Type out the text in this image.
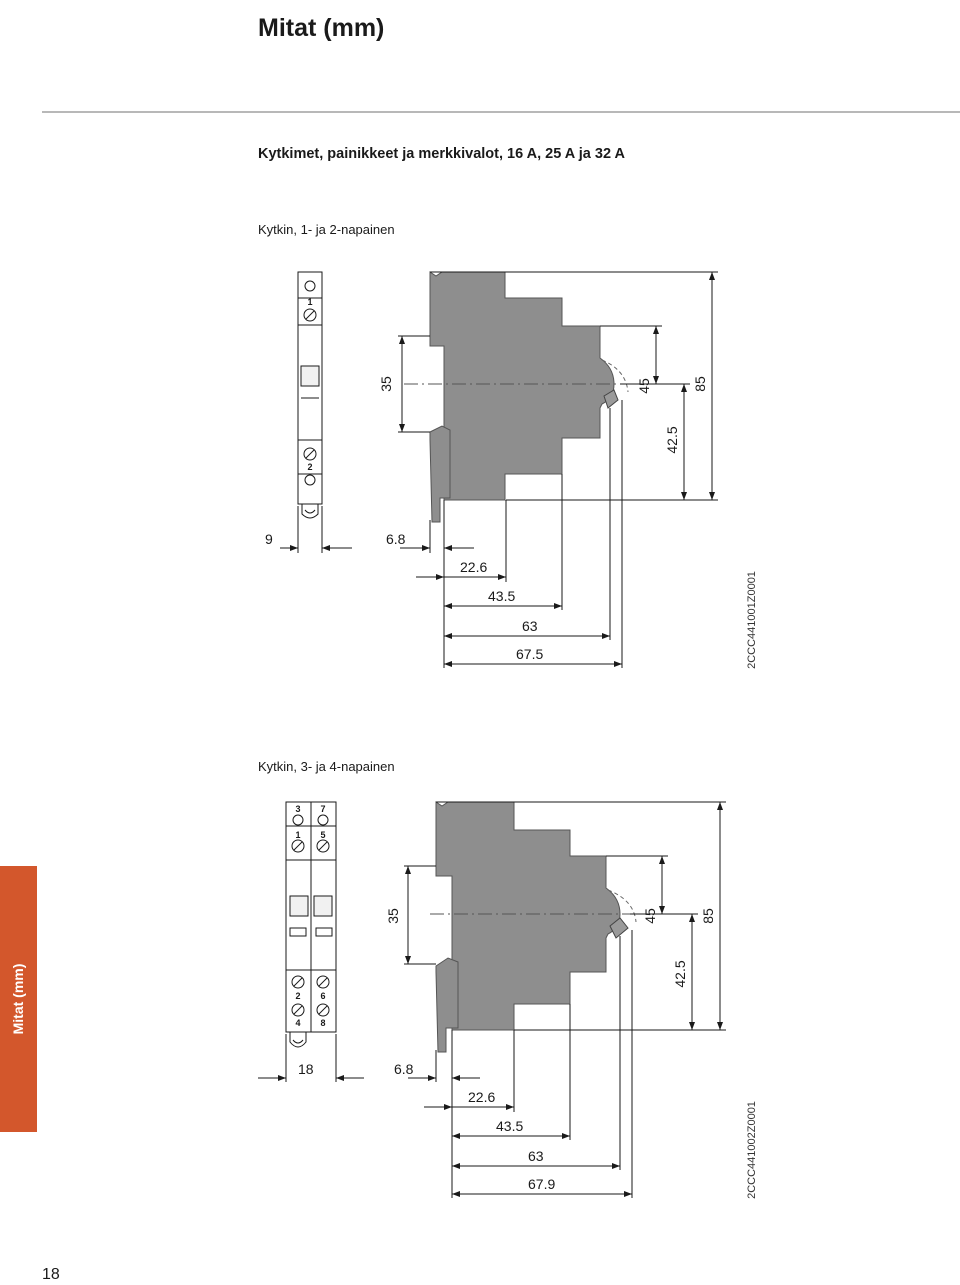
Mitat (mm)
Kytkimet, painikkeet ja merkkivalot, 16 A, 25 A ja 32 A
Kytkin, 1- ja 2-napainen
Kytkin, 3- ja 4-napainen
1
2
9	6.8
22.6
43.5
63
67.5
35	45
42.5
85
2CCC441001Z0001
3 7
1 5
2 6
4 8
18	6.8
22.6
43.5
63
67.9
35	45
42.5
85
2CCC441002Z0001
Mitat (mm)
18
